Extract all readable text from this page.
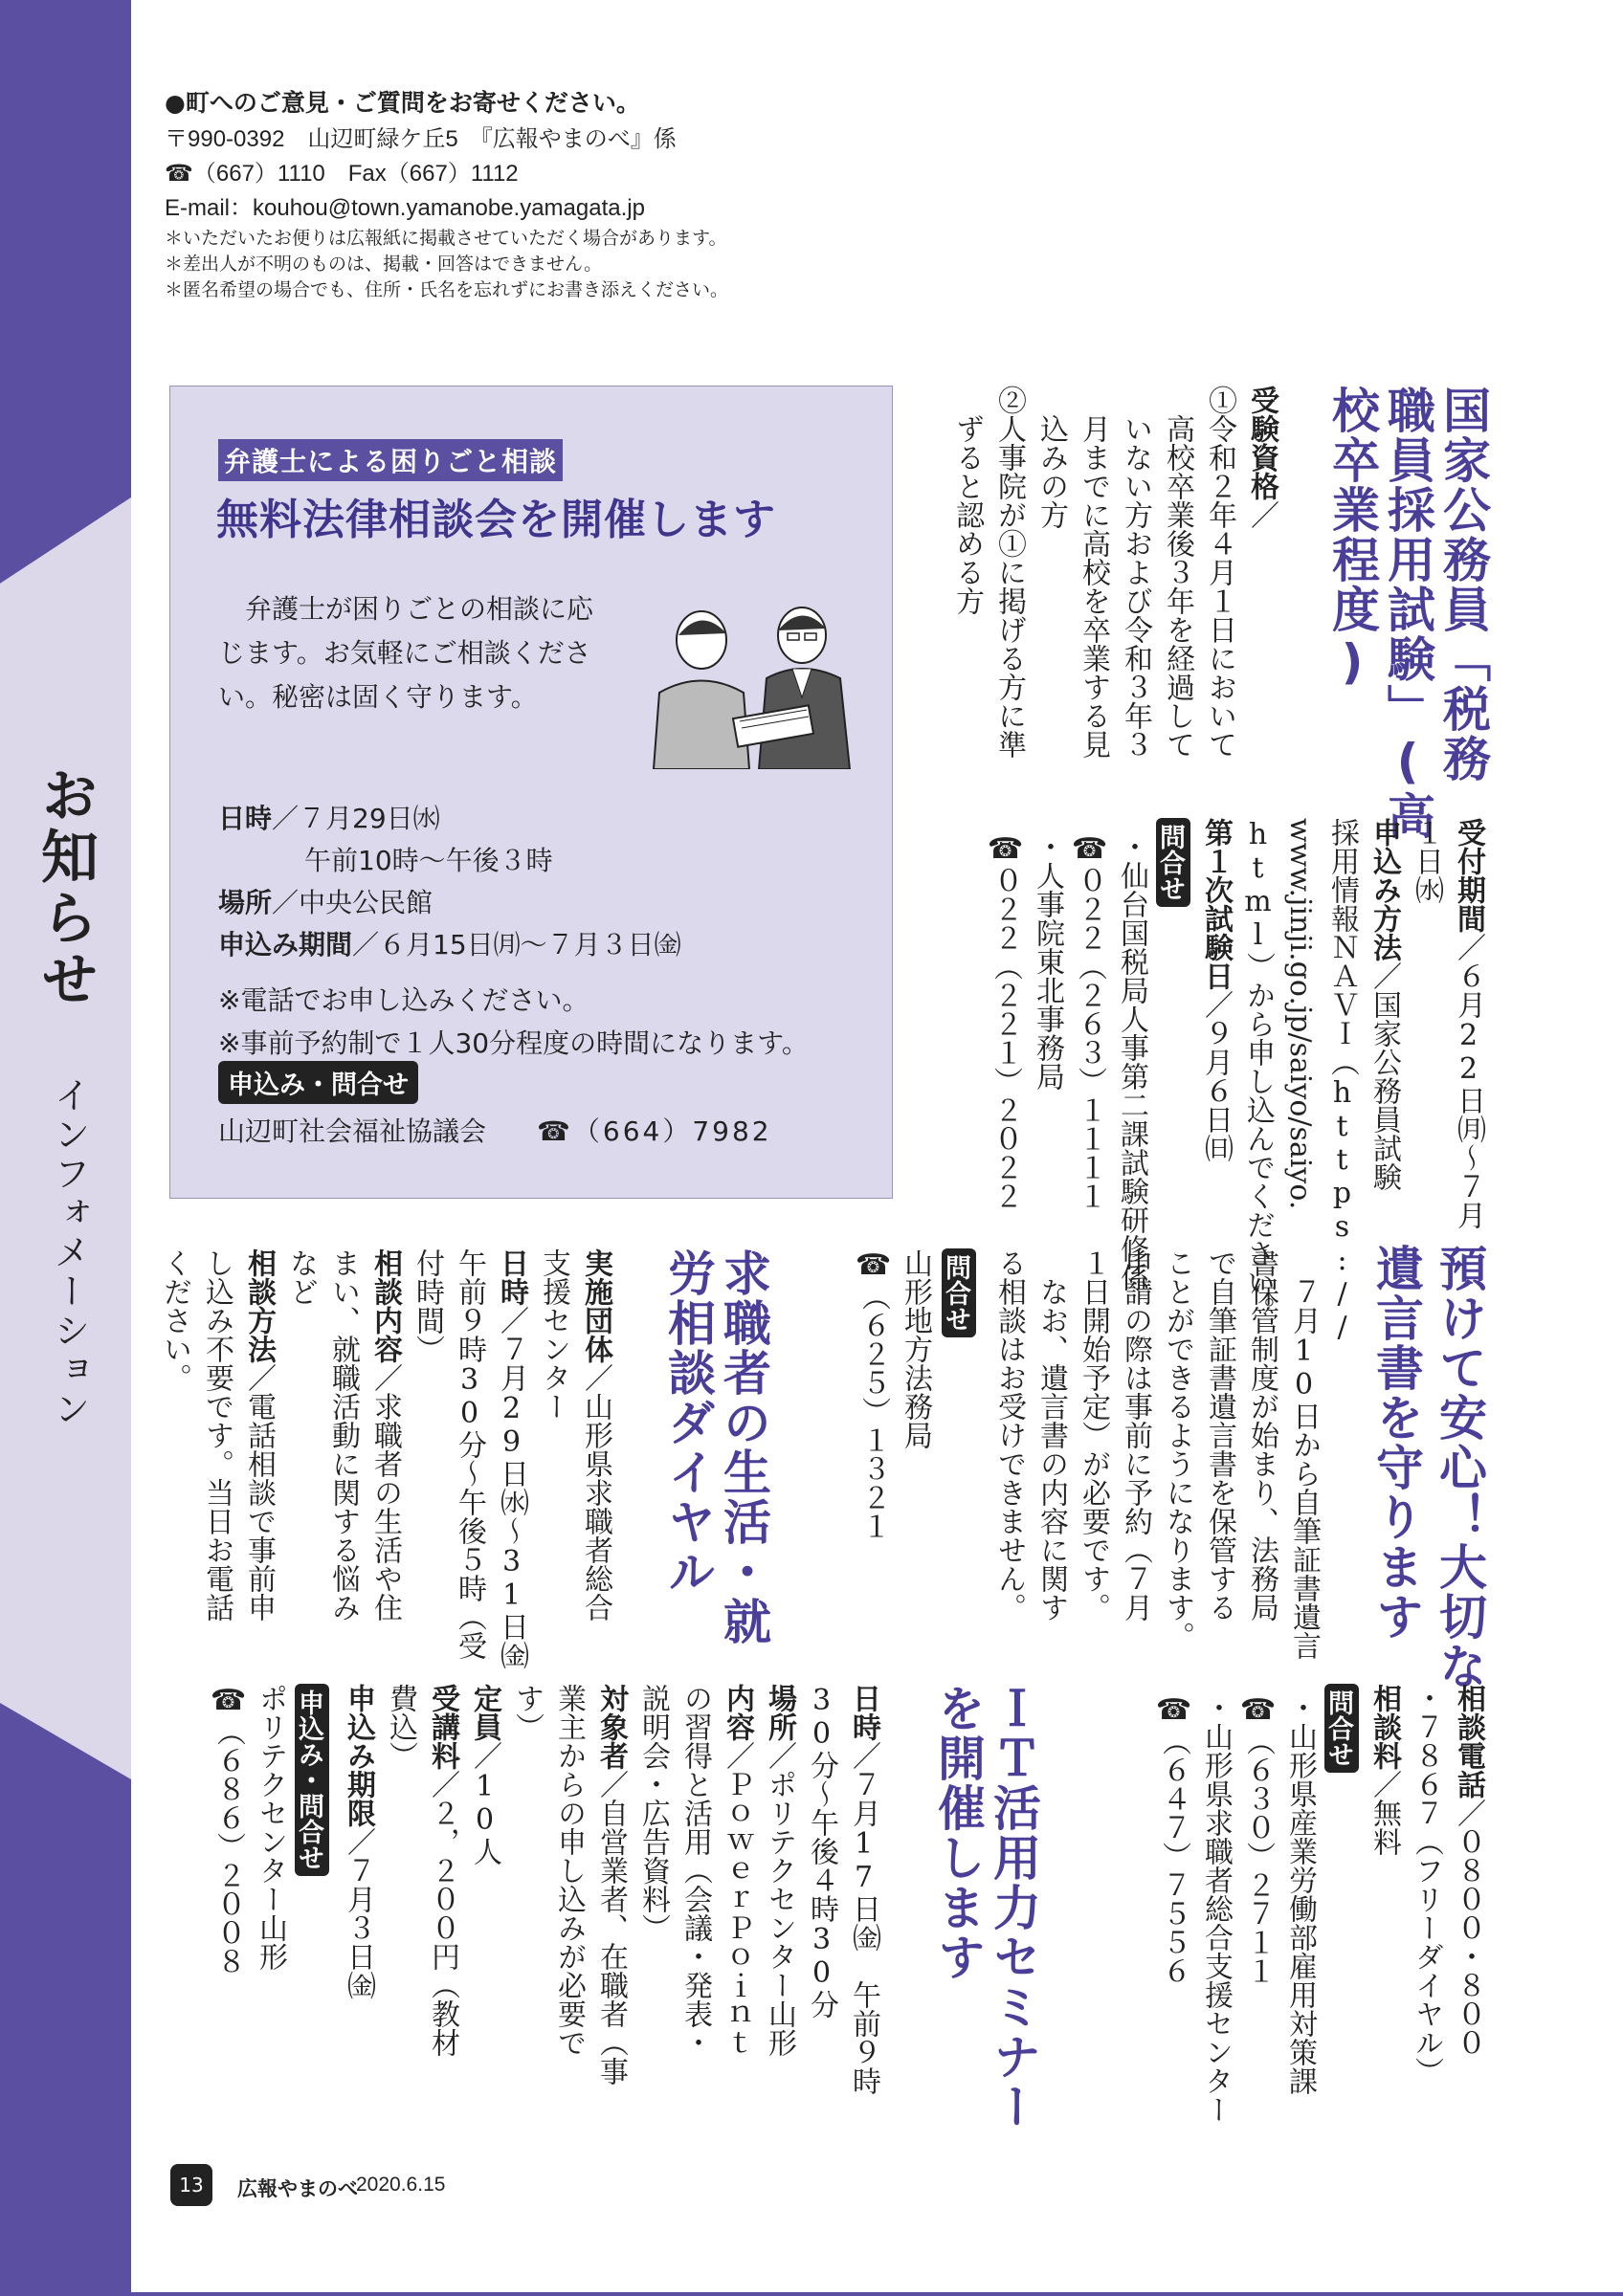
お知らせ
インフォメーション
● 町へのご意見・ご質問をお寄せください。
〒990-0392　山辺町緑ケ丘5　『広報やまのべ』係
☎（667）1110　Fax（667）1112
E-mail：kouhou@town.yamanobe.yamagata.jp
＊いただいたお便りは広報紙に掲載させていただく場合があります。
＊差出人が不明のものは、掲載・回答はできません。
＊匿名希望の場合でも、住所・氏名を忘れずにお書き添えください。
弁護士による困りごと相談
無料法律相談会を開催します
弁護士が困りごとの相談に応じます。お気軽にご相談ください。秘密は固く守ります。
日時／７月29日㈬
午前10時～午後３時
場所／中央公民館
申込み期間／６月15日㈪～７月３日㈮
※電話でお申し込みください。
※事前予約制で１人30分程度の時間になります。
申込み・問合せ
山辺町社会福祉協議会 ☎（664）7982
国家公務員「税務
職員採用試験」(高
校卒業程度)
受験資格／
①令和２年４月１日において
高校卒業後３年を経過して
いない方および令和３年３
月までに高校を卒業する見
込みの方
②人事院が①に掲げる方に準
ずると認める方
受付期間／６月22日㈪～７月
１日㈬
申込み方法／国家公務員試験
採用情報ＮＡＶＩ（https://
www.jinji.go.jp/saiyo/saiyo.
html）から申し込んでください。
第１次試験日／９月６日㈰
問合せ
・仙台国税局人事第二課試験研修係
☎０２２（２６３）１１１１
・人事院東北事務局
☎０２２（２２１）２０２２
預けて安心！大切な
遺言書を守ります
７月10日から自筆証書遺言
書保管制度が始まり、法務局
で自筆証書遺言書を保管する
ことができるようになります。
申請の際は事前に予約（７月
１日開始予定）が必要です。
なお、遺言書の内容に関す
る相談はお受けできません。
問合せ
山形地方法務局
☎（６２５）１３２１
求職者の生活・就
労相談ダイヤル
実施団体／山形県求職者総合
支援センター
日時／７月29日㈬～31日㈮
午前９時30分～午後５時（受
付時間）
相談内容／求職者の生活や住
まい、就職活動に関する悩み
など
相談方法／電話相談で事前申
し込み不要です。当日お電話
ください。
相談電話／０８００・８００
・７８６７（フリーダイヤル）
相談料／無料
問合せ
・山形県産業労働部雇用対策課
☎（６３０）２７１１
・山形県求職者総合支援センター
☎（６４７）７５５６
ＩＴ活用力セミナー
を開催します
日時／７月17日㈮　午前９時
30分～午後４時30分
場所／ポリテクセンター山形
内容／ＰｏｗｅｒＰｏｉｎｔ
の習得と活用（会議・発表・
説明会・広告資料）
対象者／自営業者、在職者（事
業主からの申し込みが必要で
す）
定員／10人
受講料／２，２００円（教材
費込）
申込み期限／７月３日㈮
申込み・問合せ
ポリテクセンター山形
☎（６８６）２００８
13	広報やまのべ
2020.6.15
